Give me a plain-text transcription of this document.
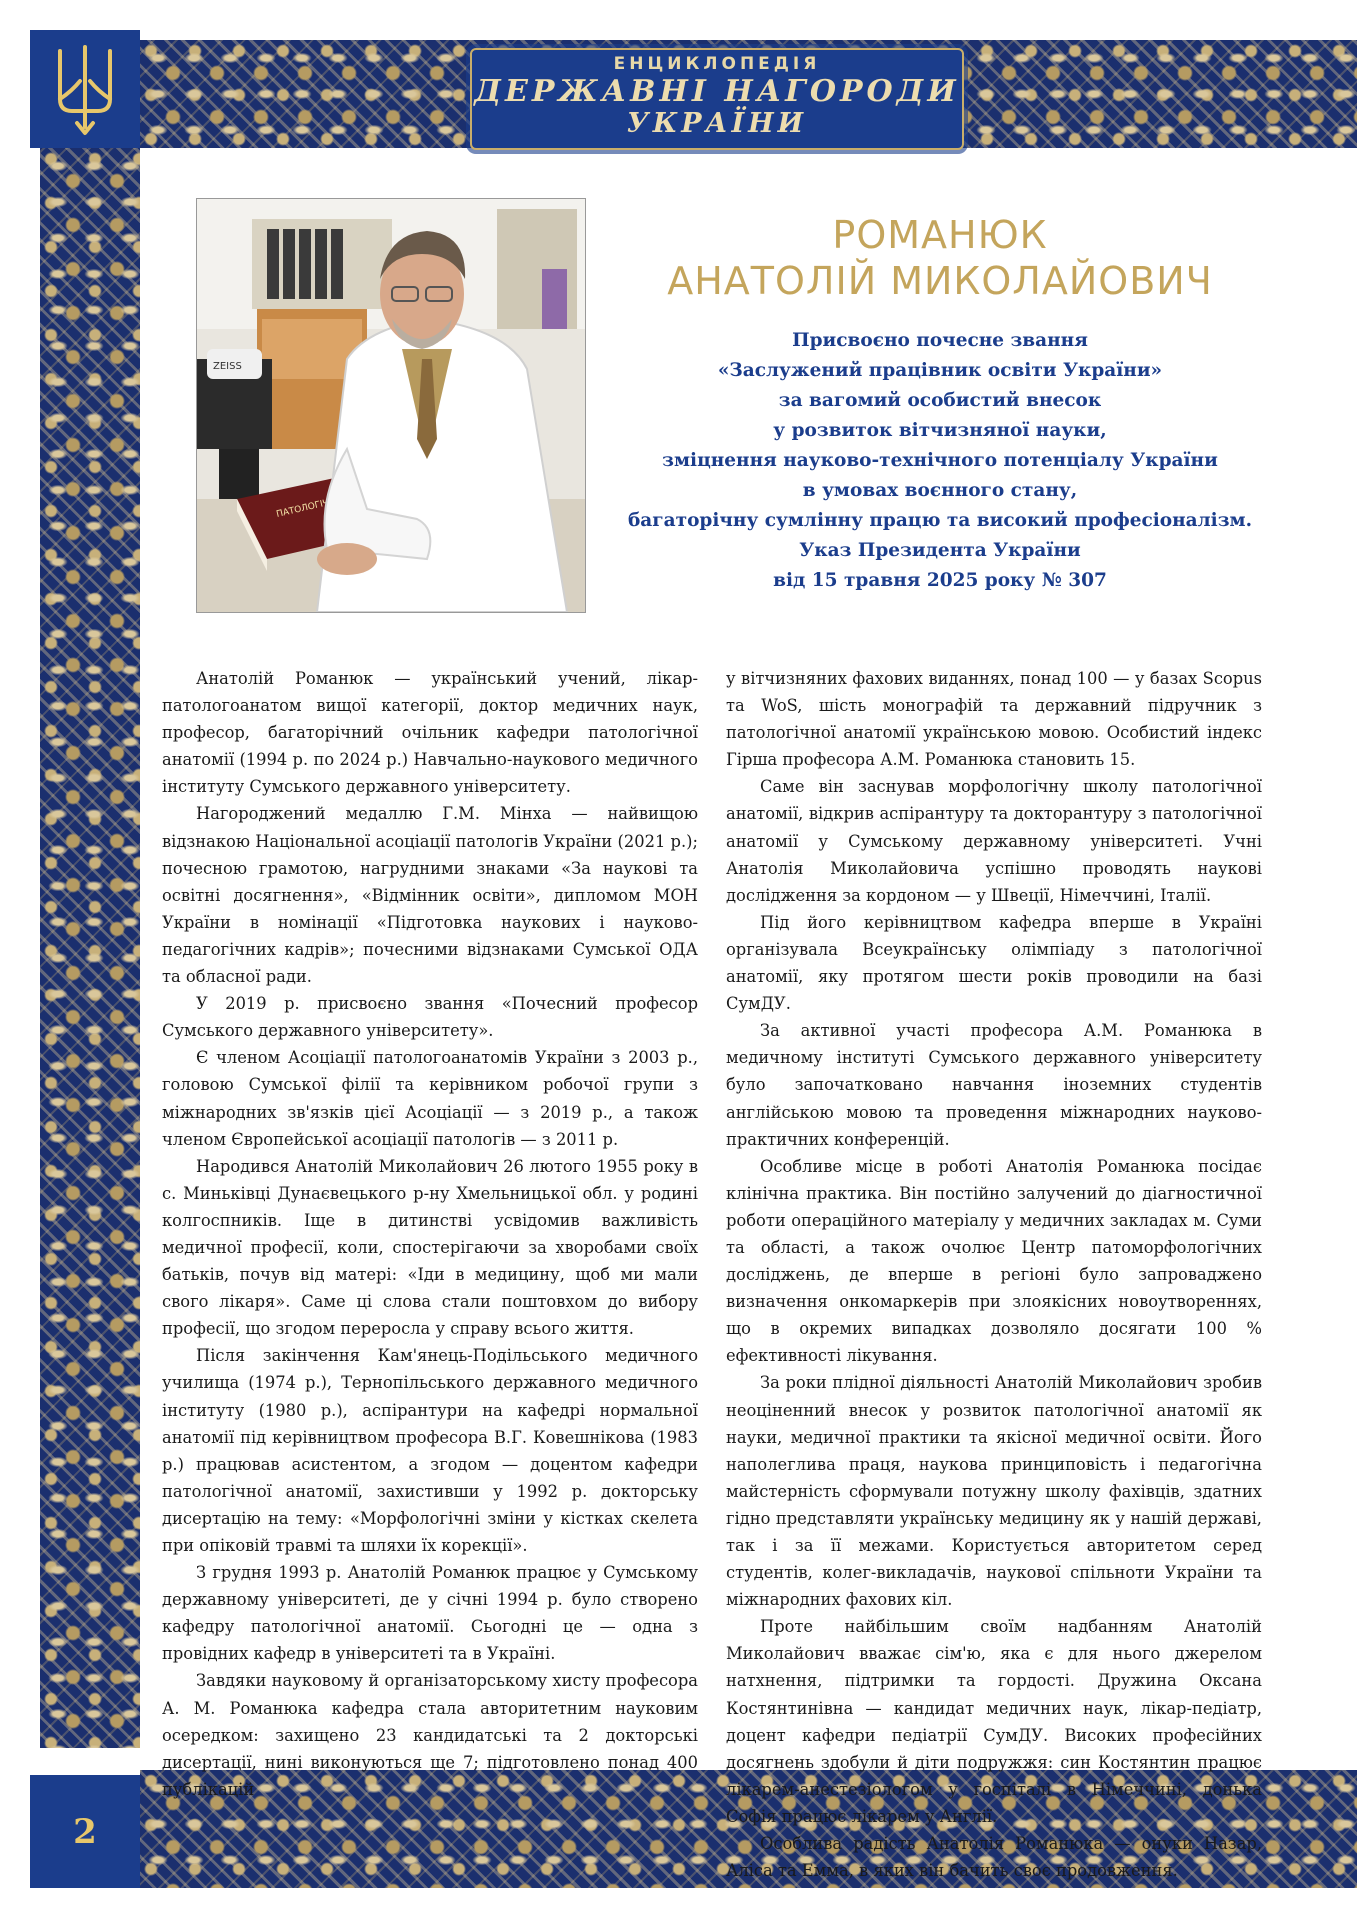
ЕНЦИКЛОПЕДІЯ
ДЕРЖАВНІ НАГОРОДИ
УКРАЇНИ
2
ZEISS
ПАТОЛОГІЧНА
РОМАНЮК
АНАТОЛІЙ МИКОЛАЙОВИЧ
Присвоєно почесне звання
«Заслужений працівник освіти України»
за вагомий особистий внесок
у розвиток вітчизняної науки,
зміцнення науково-технічного потенціалу України
в умовах воєнного стану,
багаторічну сумлінну працю та високий професіоналізм.
Указ Президента України
від 15 травня 2025 року № 307

Анатолій Романюк — український учений, лікар-патологоанатом вищої категорії, доктор медичних наук, професор, багаторічний очільник кафедри патологічної анатомії (1994 р. по 2024 р.) Навчально-наукового медичного інституту Сумського державного університету.

Нагороджений медаллю Г.М. Мінха — найвищою відзнакою Національної асоціації патологів України (2021 р.); почесною грамотою, нагрудними знаками «За наукові та освітні досягнення», «Відмінник освіти», дипломом МОН України в номінації «Підготовка наукових і науково-педагогічних кадрів»; почесними відзнаками Сумської ОДА та обласної ради.

У 2019 р. присвоєно звання «Почесний професор Сумського державного університету».

Є членом Асоціації патологоанатомів України з 2003 р., головою Сумської філії та керівником робочої групи з міжнародних зв'язків цієї Асоціації — з 2019 р., а також членом Європейської асоціації патологів — з 2011 р.

Народився Анатолій Миколайович 26 лютого 1955 року в с. Миньківці Дунаєвецького р-ну Хмельницької обл. у родині колгоспників. Іще в дитинстві усвідомив важливість медичної професії, коли, спостерігаючи за хворобами своїх батьків, почув від матері: «Іди в медицину, щоб ми мали свого лікаря». Саме ці слова стали поштовхом до вибору професії, що згодом переросла у справу всього життя.

Після закінчення Кам'янець-Подільського медичного училища (1974 р.), Тернопільського державного медичного інституту (1980 р.), аспірантури на кафедрі нормальної анатомії під керівництвом професора В.Г. Ковешнікова (1983 р.) працював асистентом, а згодом — доцентом кафедри патологічної анатомії, захистивши у 1992 р. докторську дисертацію на тему: «Морфологічні зміни у кістках скелета при опіковій травмі та шляхи їх корекції».

З грудня 1993 р. Анатолій Романюк працює у Сумському державному університеті, де у січні 1994 р. було створено кафедру патологічної анатомії. Сьогодні це — одна з провідних кафедр в університеті та в Україні.

Завдяки науковому й організаторському хисту професора А. М. Романюка кафедра стала авторитетним науковим осередком: захищено 23 кандидатські та 2 докторські дисертації, нині виконуються ще 7; підготовлено понад 400 публікацій

у вітчизняних фахових виданнях, понад 100 — у базах Scopus та WoS, шість монографій та державний підручник з патологічної анатомії українською мовою. Особистий індекс Гірша професора А.М. Романюка становить 15.

Саме він заснував морфологічну школу патологічної анатомії, відкрив аспірантуру та докторантуру з патологічної анатомії у Сумському державному університеті. Учні Анатолія Миколайовича успішно проводять наукові дослідження за кордоном — у Швеції, Німеччині, Італії.

Під його керівництвом кафедра вперше в Україні організувала Всеукраїнську олімпіаду з патологічної анатомії, яку протягом шести років проводили на базі СумДУ.

За активної участі професора А.М. Романюка в медичному інституті Сумського державного університету було започатковано навчання іноземних студентів англійською мовою та проведення міжнародних науково-практичних конференцій.

Особливе місце в роботі Анатолія Романюка посідає клінічна практика. Він постійно залучений до діагностичної роботи операційного матеріалу у медичних закладах м. Суми та області, а також очолює Центр патоморфологічних досліджень, де вперше в регіоні було запроваджено визначення онкомаркерів при злоякісних новоутвореннях, що в окремих випадках дозволяло досягати 100 % ефективності лікування.

За роки плідної діяльності Анатолій Миколайович зробив неоціненний внесок у розвиток патологічної анатомії як науки, медичної практики та якісної медичної освіти. Його наполеглива праця, наукова принциповість і педагогічна майстерність сформували потужну школу фахівців, здатних гідно представляти українську медицину як у нашій державі, так і за її межами. Користується авторитетом серед студентів, колег-викладачів, наукової спільноти України та міжнародних фахових кіл.

Проте найбільшим своїм надбанням Анатолій Миколайович вважає сім'ю, яка є для нього джерелом натхнення, підтримки та гордості. Дружина Оксана Костянтинівна — кандидат медичних наук, лікар-педіатр, доцент кафедри педіатрії СумДУ. Високих професійних досягнень здобули й діти подружжя: син Костянтин працює лікарем-анестезіологом у госпіталі в Німеччині, донька Софія працює лікарем у Англії.

Особлива радість Анатолія Романюка — онуки Назар, Аліса та Емма, в яких він бачить своє продовження.
